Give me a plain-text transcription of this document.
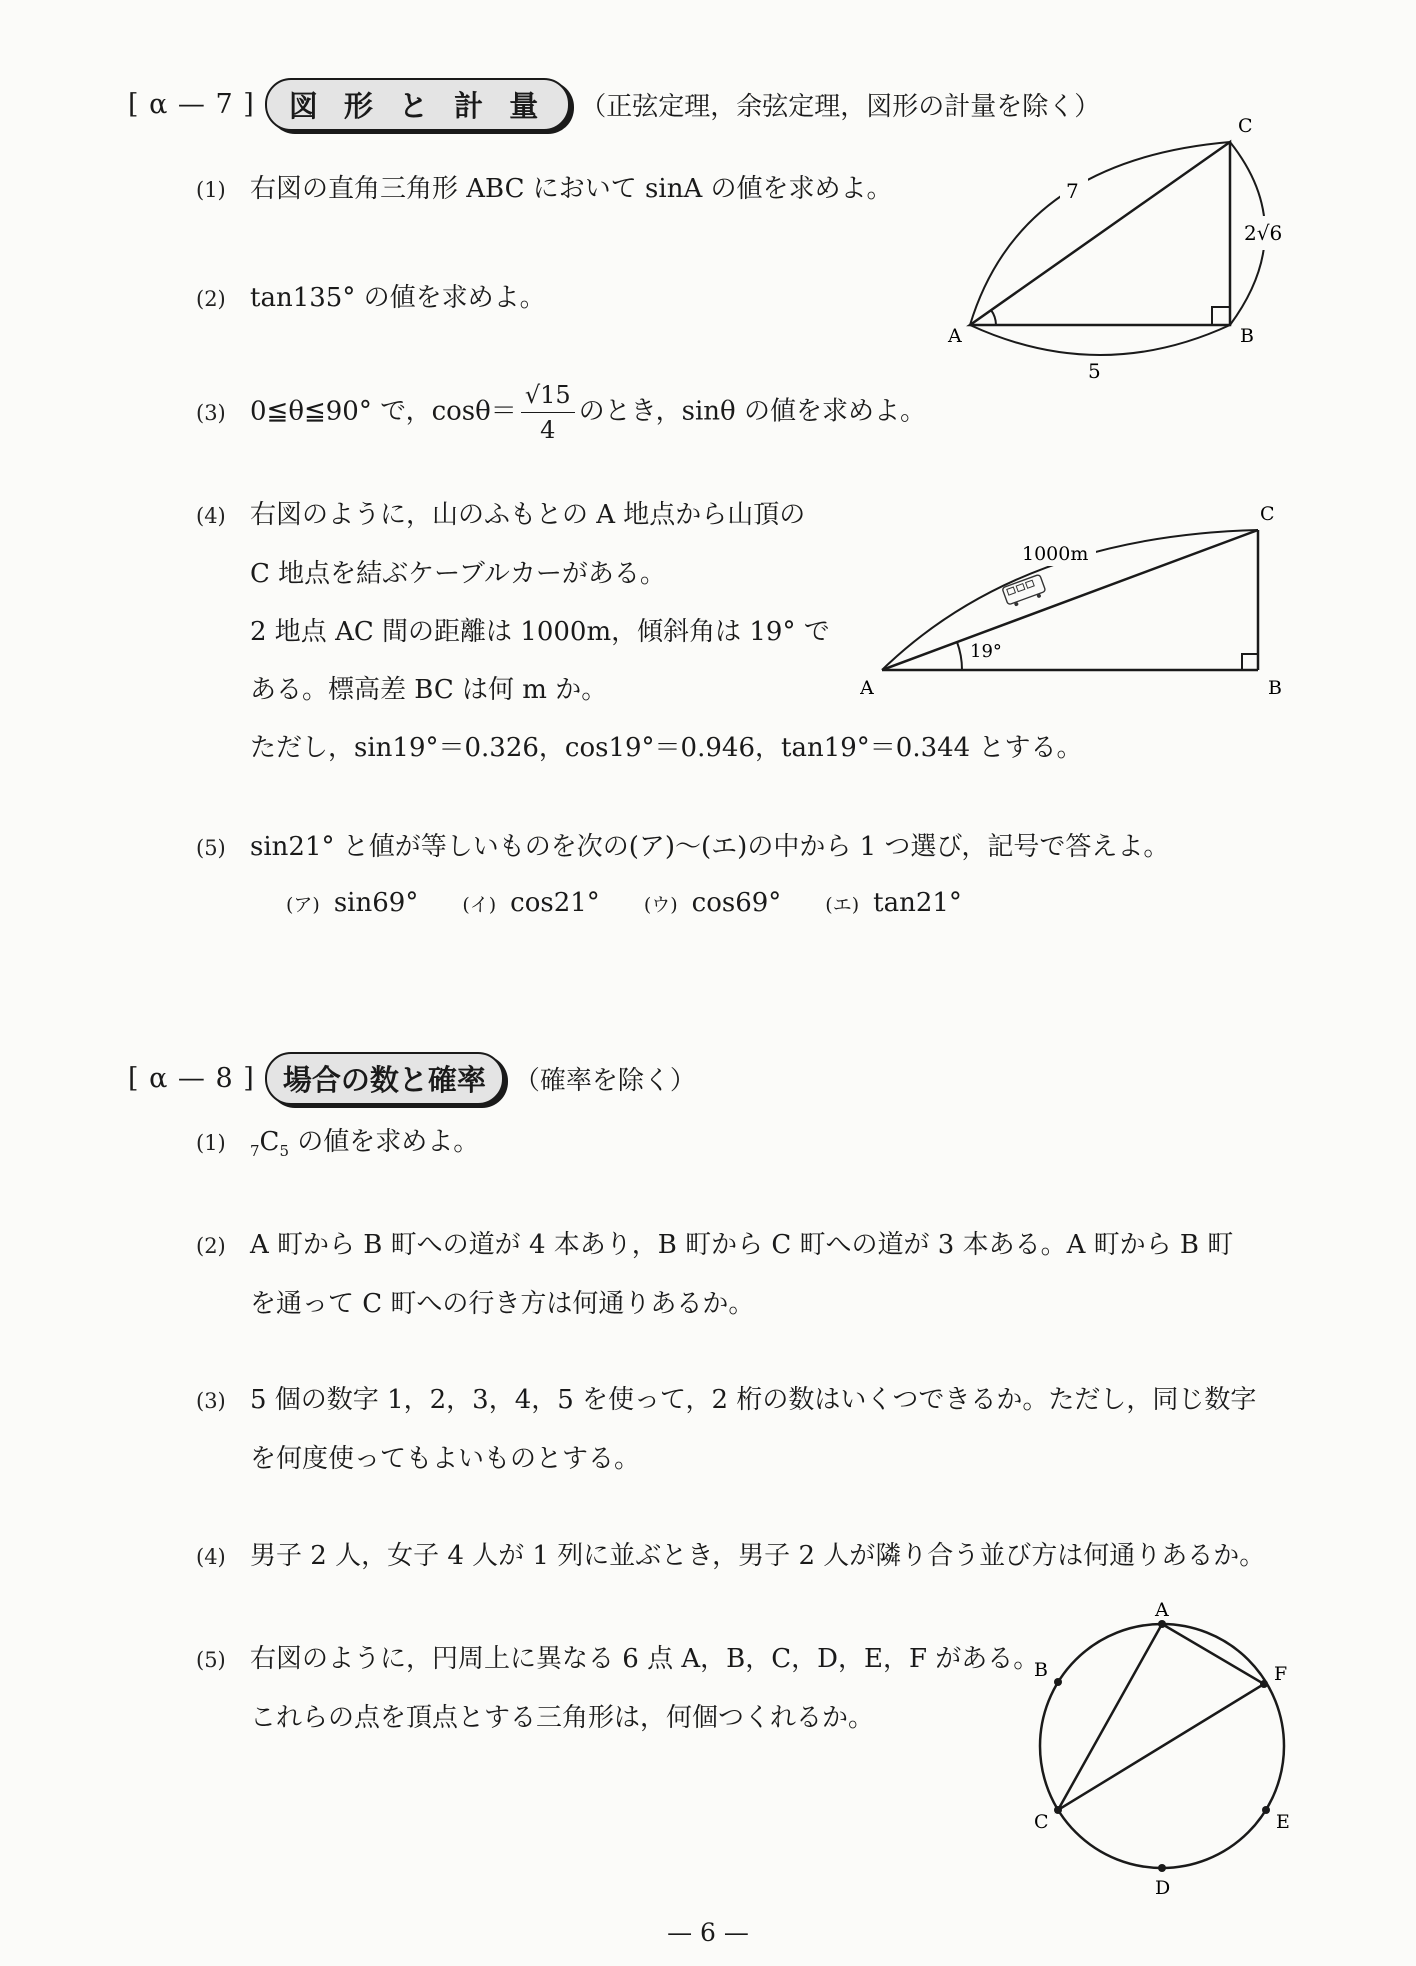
[ α — 7 ]	図 形 と 計 量	（正弦定理，余弦定理，図形の計量を除く）
(1) 右図の直角三角形 ABC において sinA の値を求めよ。
A	B
C
7
2√6
5
(2) tan135° の値を求めよ。
(3) 0≦θ≦90° で，$\cos\theta= \frac{√15}{4}$ のとき，sinθ の値を求めよ。
(4) 右図のように，山のふもとの A 地点から山頂の
C 地点を結ぶケーブルカーがある。
2 地点 AC 間の距離は 1000m，傾斜角は 19° で
ある。標高差 BC は何 m か。
ただし，sin19°＝0.326，cos19°＝0.946，tan19°＝0.344 とする。
A	B
C
1000m
19°
(5) sin21° と値が等しいものを次の(ア)～(エ)の中から 1 つ選び，記号で答えよ。
(ア) sin69° (イ) cos21° (ウ) cos69° (エ) tan21°
[ α — 8 ] 場合の数と確率	（確率を除く）
(1) $_7C_5$ の値を求めよ。
(2) A 町から B 町への道が 4 本あり，B 町から C 町への道が 3 本ある。A 町から B 町
を通って C 町への行き方は何通りあるか。
(3) 5 個の数字 1，2，3，4，5 を使って，2 桁の数はいくつできるか。ただし，同じ数字
を何度使ってもよいものとする。
(4) 男子 2 人，女子 4 人が 1 列に並ぶとき，男子 2 人が隣り合う並び方は何通りあるか。
(5) 右図のように，円周上に異なる 6 点 A，B，C，D，E，F がある。
これらの点を頂点とする三角形は，何個つくれるか。
A
B
C
D
E
F
— 6 —
